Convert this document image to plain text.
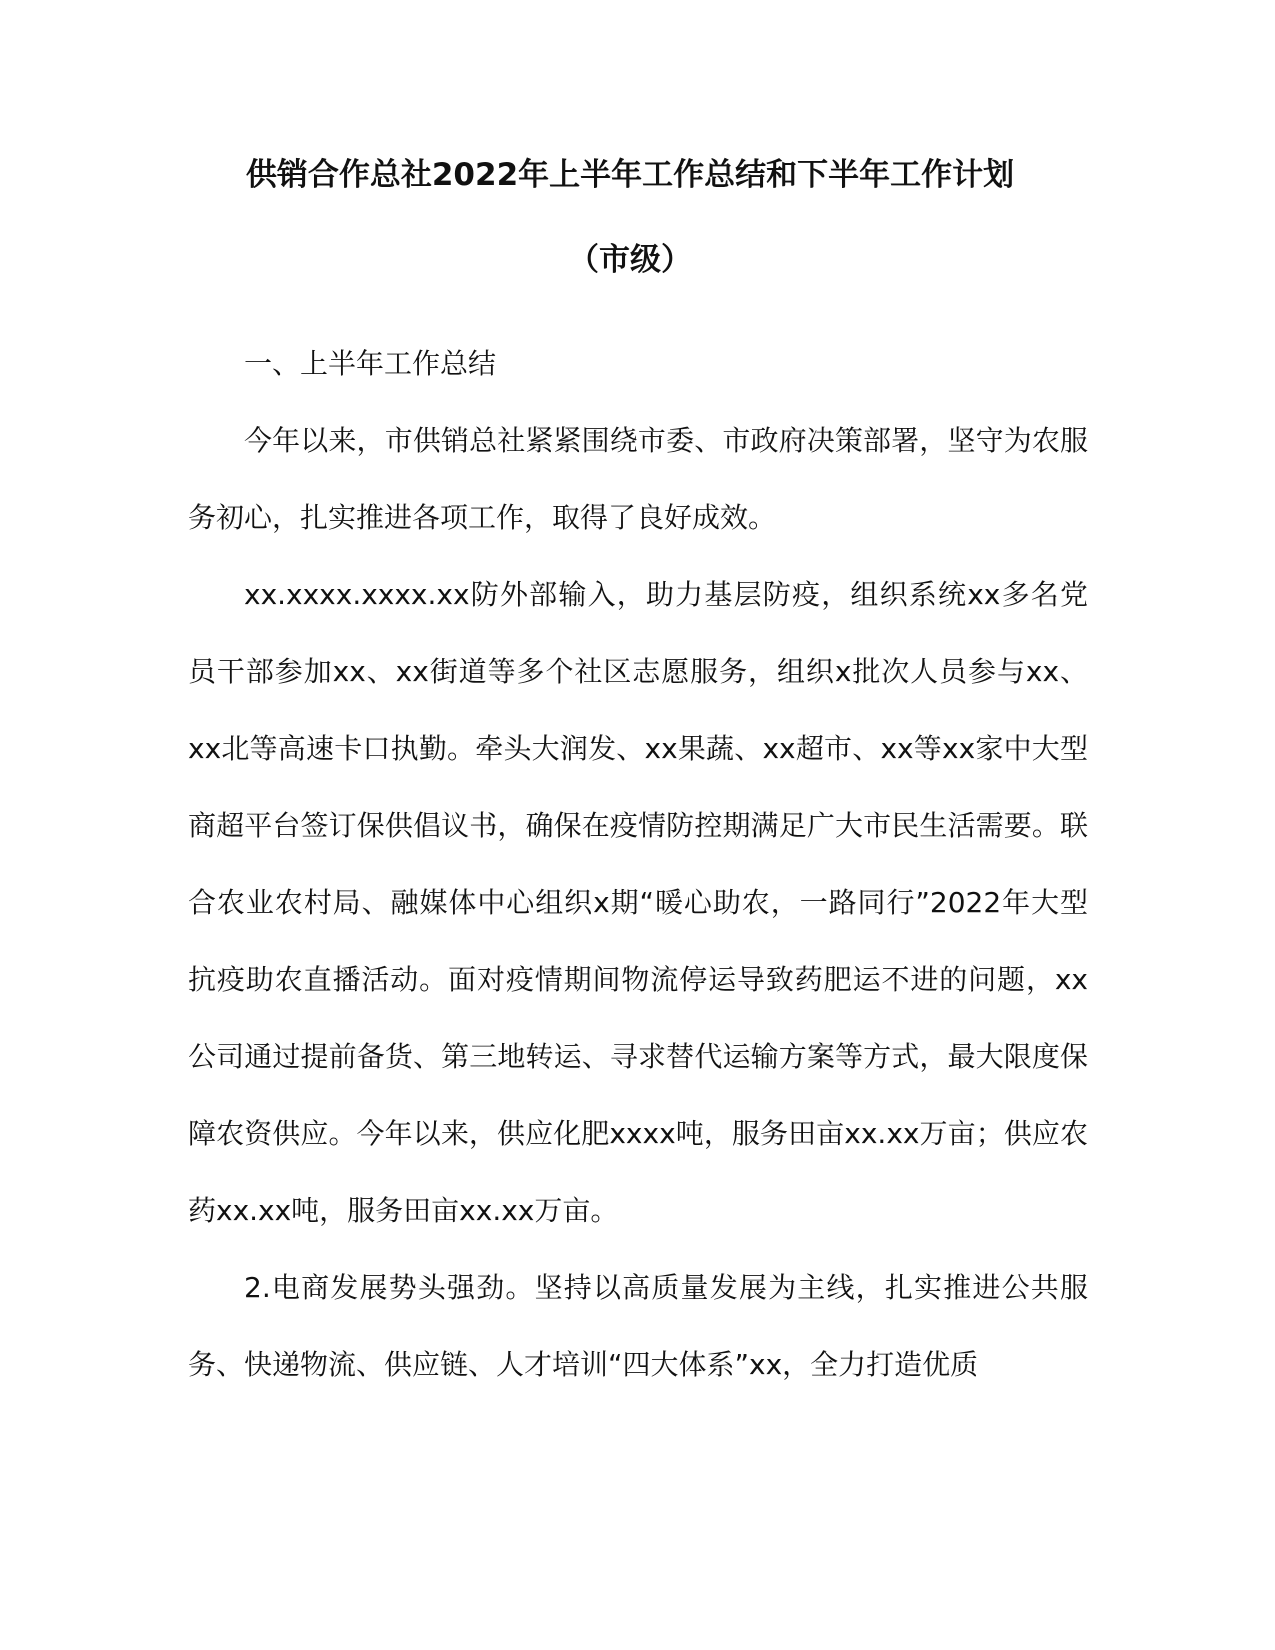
供销合作总社2022年上半年工作总结和下半年工作计划
（市级）

一、上半年工作总结

今年以来，市供销总社紧紧围绕市委、市政府决策部署，坚守为农服务初心，扎实推进各项工作，取得了良好成效。

xx.xxxx.xxxx.xx防外部输入，助力基层防疫，组织系统xx多名党员干部参加xx、xx街道等多个社区志愿服务，组织x批次人员参与xx、xx北等高速卡口执勤。牵头大润发、xx果蔬、xx超市、xx等xx家中大型商超平台签订保供倡议书，确保在疫情防控期满足广大市民生活需要。联合农业农村局、融媒体中心组织x期“暖心助农，一路同行”2022年大型抗疫助农直播活动。面对疫情期间物流停运导致药肥运不进的问题，xx公司通过提前备货、第三地转运、寻求替代运输方案等方式，最大限度保障农资供应。今年以来，供应化肥xxxx吨，服务田亩xx.xx万亩；供应农药xx.xx吨，服务田亩xx.xx万亩。

2.电商发展势头强劲。坚持以高质量发展为主线，扎实推进公共服务、快递物流、供应链、人才培训“四大体系”xx，全力打造优质
